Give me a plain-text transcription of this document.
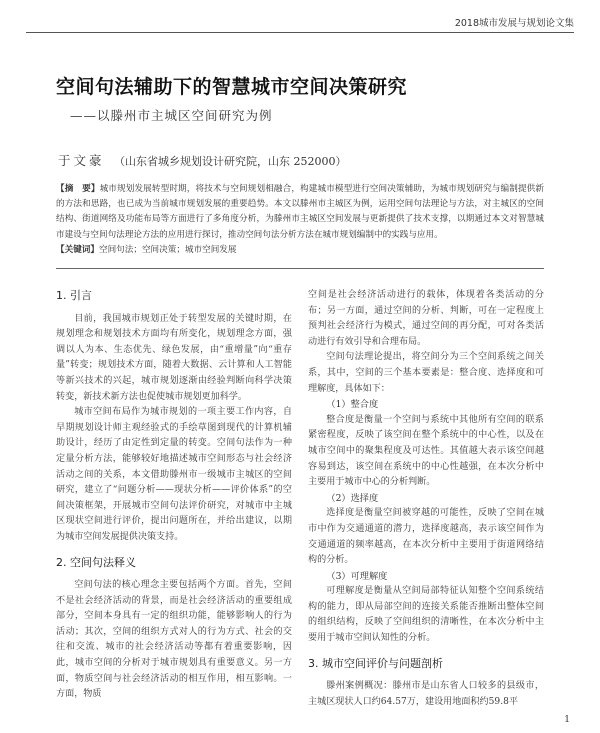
2018城市发展与规划论文集
空间句法辅助下的智慧城市空间决策研究
——以滕州市主城区空间研究为例
于文豪 （山东省城乡规划设计研究院，山东 252000）
【摘　要】城市规划发展转型时期，将技术与空间规划相融合，构建城市模型进行空间决策辅助，为城市规划研究与编制提供新的方法和思路，也已成为当前城市规划发展的重要趋势。本文以滕州市主城区为例，运用空间句法理论与方法，对主城区的空间结构、街道网络及功能布局等方面进行了多角度分析，为滕州市主城区空间发展与更新提供了技术支撑，以期通过本文对智慧城市建设与空间句法理论方法的应用进行探讨，推动空间句法分析方法在城市规划编制中的实践与应用。
【关键词】空间句法；空间决策；城市空间发展
1. 引言

目前，我国城市规划正处于转型发展的关键时期，在规划理念和规划技术方面均有所变化，规划理念方面，强调以人为本、生态优先、绿色发展，由“重增量”向“重存量”转变；规划技术方面，随着大数据、云计算和人工智能等新兴技术的兴起，城市规划逐渐由经验判断向科学决策转变，新技术新方法也促使城市规划更加科学。

城市空间布局作为城市规划的一项主要工作内容，自早期规划设计师主观经验式的手绘草图到现代的计算机辅助设计，经历了由定性到定量的转变。空间句法作为一种定量分析方法，能够较好地描述城市空间形态与社会经济活动之间的关系，本文借助滕州市一级城市主城区的空间研究，建立了“问题分析——现状分析——评价体系”的空间决策框架，开展城市空间句法评价研究，对城市中主城区现状空间进行评价，提出问题所在，并给出建议，以期为城市空间发展提供决策支持。

2. 空间句法释义

空间句法的核心理念主要包括两个方面。首先，空间不是社会经济活动的背景，而是社会经济活动的重要组成部分，空间本身具有一定的组织功能，能够影响人的行为活动；其次，空间的组织方式对人的行为方式、社会的交往和交流、城市的社会经济活动等都有着重要影响，因此，城市空间的分析对于城市规划具有重要意义。另一方面，物质空间与社会经济活动的相互作用，相互影响。一方面，物质

空间是社会经济活动进行的载体，体现着各类活动的分布；另一方面，通过空间的分析、判断，可在一定程度上预判社会经济行为模式，通过空间的再分配，可对各类活动进行有效引导和合理布局。

空间句法理论提出，将空间分为三个空间系统之间关系，其中，空间的三个基本要素是：整合度、选择度和可理解度，具体如下：

（1）整合度

整合度是衡量一个空间与系统中其他所有空间的联系紧密程度，反映了该空间在整个系统中的中心性，以及在城市空间中的聚集程度及可达性。其值越大表示该空间越容易到达，该空间在系统中的中心性越强，在本次分析中主要用于城市中心的分析判断。

（2）选择度

选择度是衡量空间被穿越的可能性，反映了空间在城市中作为交通通道的潜力，选择度越高，表示该空间作为交通通道的频率越高，在本次分析中主要用于街道网络结构的分析。

（3）可理解度

可理解度是衡量从空间局部特征认知整个空间系统结构的能力，即从局部空间的连接关系能否推断出整体空间的组织结构，反映了空间组织的清晰性，在本次分析中主要用于城市空间认知性的分析。

3. 城市空间评价与问题剖析

滕州案例概况：滕州市是山东省人口较多的县级市，主城区现状人口约64.57万，建设用地面积约59.8平

1
